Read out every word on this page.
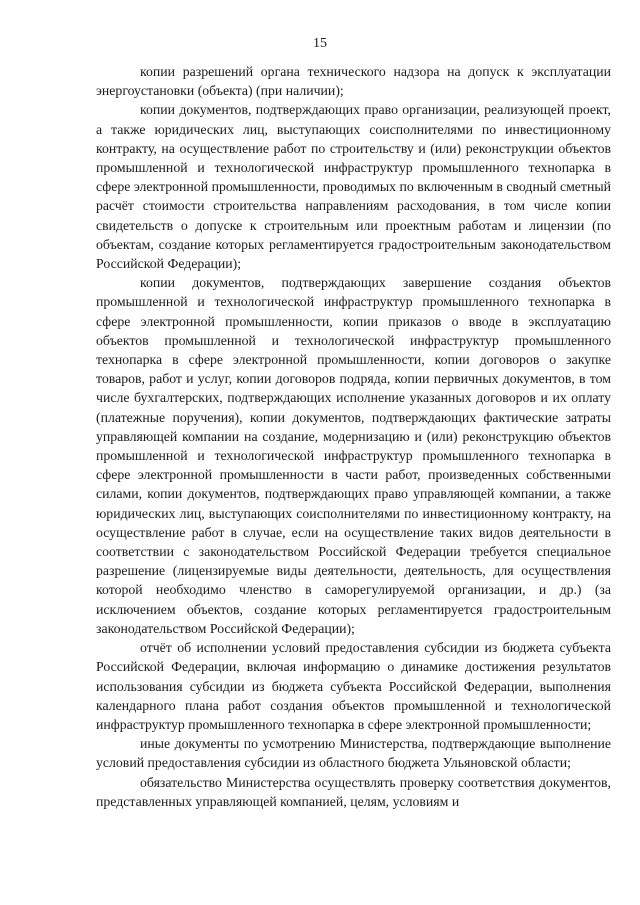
15

копии разрешений органа технического надзора на допуск к эксплуатации энергоустановки (объекта) (при наличии);

копии документов, подтверждающих право организации, реализующей проект, а также юридических лиц, выступающих соисполнителями по инвестиционному контракту, на осуществление работ по строительству и (или) реконструкции объектов промышленной и технологической инфраструктур промышленного технопарка в сфере электронной промышленности, проводимых по включенным в сводный сметный расчёт стоимости строительства направлениям расходования, в том числе копии свидетельств о допуске к строительным или проектным работам и лицензии (по объектам, создание которых регламентируется градостроительным законодательством Российской Федерации);

копии документов, подтверждающих завершение создания объектов промышленной и технологической инфраструктур промышленного технопарка в сфере электронной промышленности, копии приказов о вводе в эксплуатацию объектов промышленной и технологической инфраструктур промышленного технопарка в сфере электронной промышленности, копии договоров о закупке товаров, работ и услуг, копии договоров подряда, копии первичных документов, в том числе бухгалтерских, подтверждающих исполнение указанных договоров и их оплату (платежные поручения), копии документов, подтверждающих фактические затраты управляющей компании на создание, модернизацию и (или) реконструкцию объектов промышленной и технологической инфраструктур промышленного технопарка в сфере электронной промышленности в части работ, произведенных собственными силами, копии документов, подтверждающих право управляющей компании, а также юридических лиц, выступающих соисполнителями по инвестиционному контракту, на осуществление работ в случае, если на осуществление таких видов деятельности в соответствии с законодательством Российской Федерации требуется специальное разрешение (лицензируемые виды деятельности, деятельность, для осуществления которой необходимо членство в саморегулируемой организации, и др.) (за исключением объектов, создание которых регламентируется градостроительным законодательством Российской Федерации);

отчёт об исполнении условий предоставления субсидии из бюджета субъекта Российской Федерации, включая информацию о динамике достижения результатов использования субсидии из бюджета субъекта Российской Федерации, выполнения календарного плана работ создания объектов промышленной и технологической инфраструктур промышленного технопарка в сфере электронной промышленности;

иные документы по усмотрению Министерства, подтверждающие выполнение условий предоставления субсидии из областного бюджета Ульяновской области;

обязательство Министерства осуществлять проверку соответствия документов, представленных управляющей компанией, целям, условиям и
